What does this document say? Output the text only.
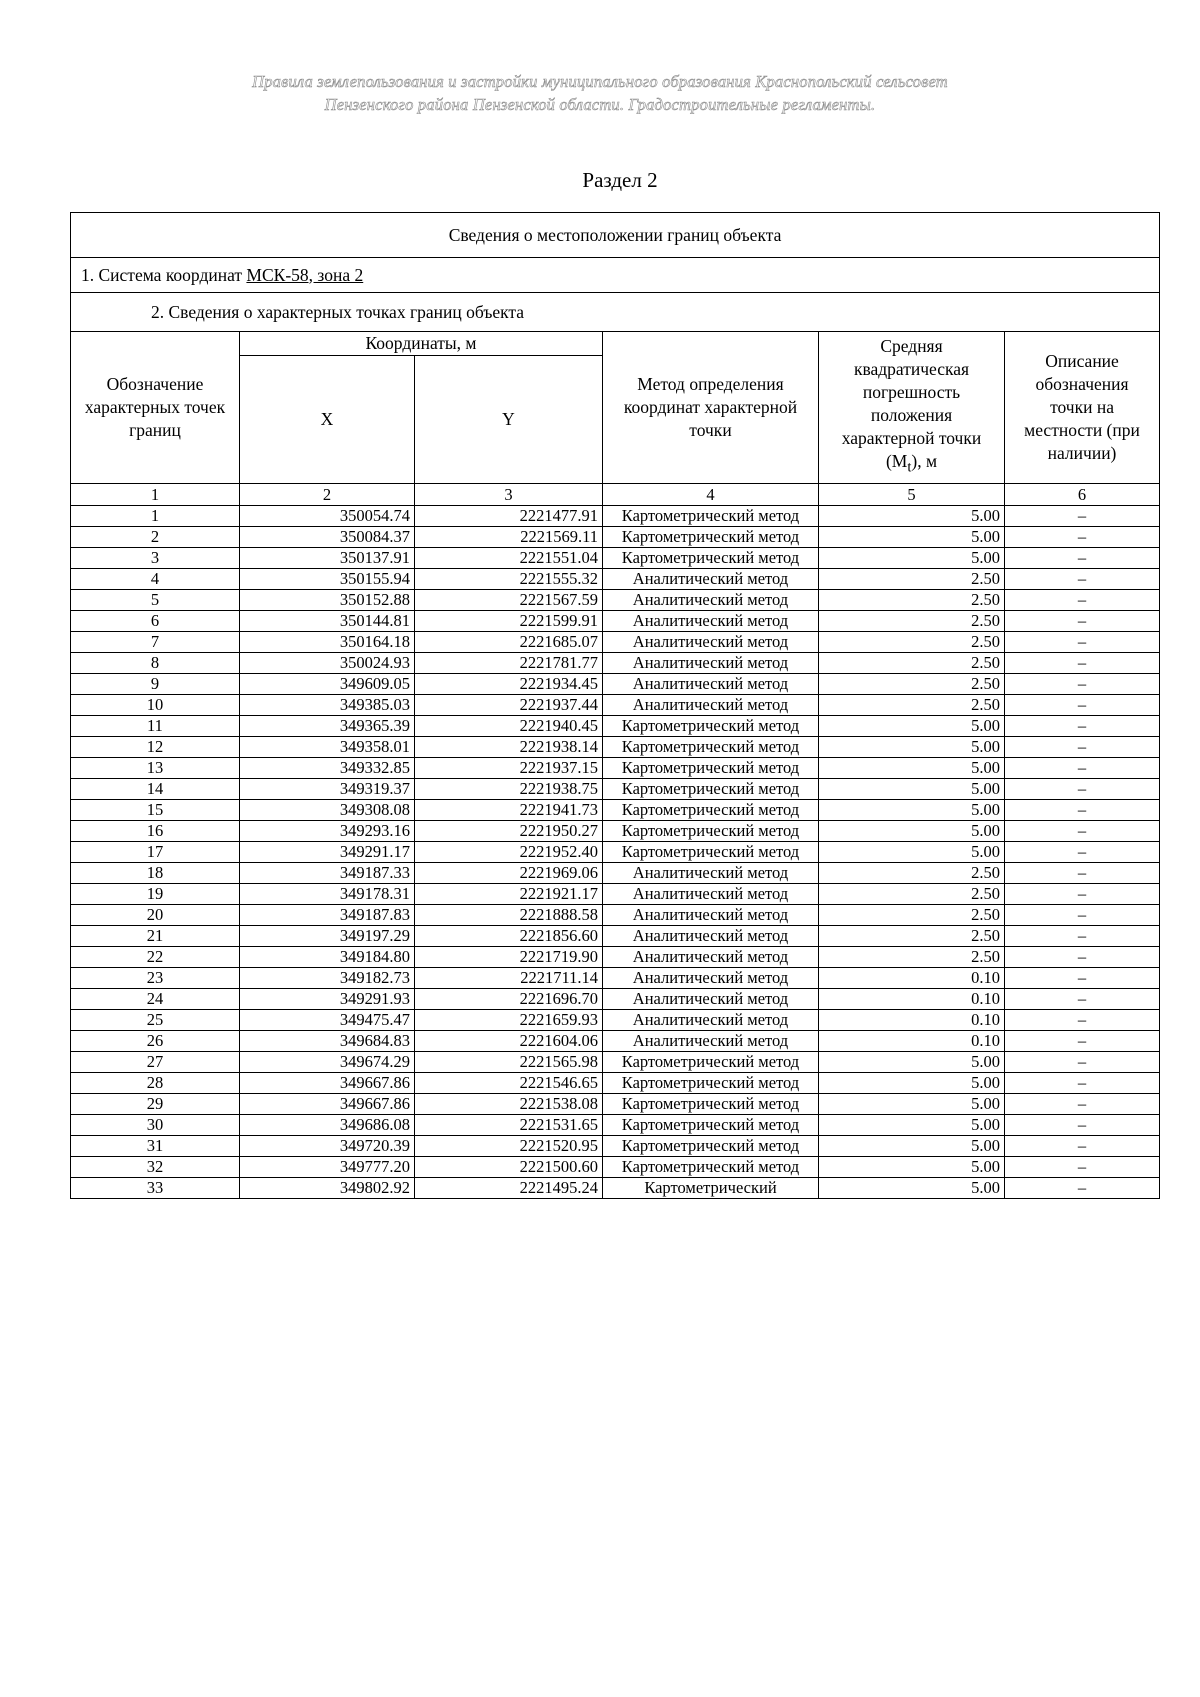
Правила землепользования и застройки муниципального образования Краснопольский сельсовет
Пензенского района Пензенской области. Градостроительные регламенты.
Раздел 2
Сведения о местоположении границ объекта					
1. Система координат МСК-58, зона 2					
2. Сведения о характерных точках границ объекта					
Обозначение характерных точек границ	Координаты, м		Метод определения координат характерной точки	Средняя квадратическая погрешность положения характерной точки $(M_t)$, м	Описание обозначения точки на местности (при наличии)
	X	Y			
1	2	3	4	5	6
1	350054.74	2221477.91	Картометрический метод	5.00	–
2	350084.37	2221569.11	Картометрический метод	5.00	–
3	350137.91	2221551.04	Картометрический метод	5.00	–
4	350155.94	2221555.32	Аналитический метод	2.50	–
5	350152.88	2221567.59	Аналитический метод	2.50	–
6	350144.81	2221599.91	Аналитический метод	2.50	–
7	350164.18	2221685.07	Аналитический метод	2.50	–
8	350024.93	2221781.77	Аналитический метод	2.50	–
9	349609.05	2221934.45	Аналитический метод	2.50	–
10	349385.03	2221937.44	Аналитический метод	2.50	–
11	349365.39	2221940.45	Картометрический метод	5.00	–
12	349358.01	2221938.14	Картометрический метод	5.00	–
13	349332.85	2221937.15	Картометрический метод	5.00	–
14	349319.37	2221938.75	Картометрический метод	5.00	–
15	349308.08	2221941.73	Картометрический метод	5.00	–
16	349293.16	2221950.27	Картометрический метод	5.00	–
17	349291.17	2221952.40	Картометрический метод	5.00	–
18	349187.33	2221969.06	Аналитический метод	2.50	–
19	349178.31	2221921.17	Аналитический метод	2.50	–
20	349187.83	2221888.58	Аналитический метод	2.50	–
21	349197.29	2221856.60	Аналитический метод	2.50	–
22	349184.80	2221719.90	Аналитический метод	2.50	–
23	349182.73	2221711.14	Аналитический метод	0.10	–
24	349291.93	2221696.70	Аналитический метод	0.10	–
25	349475.47	2221659.93	Аналитический метод	0.10	–
26	349684.83	2221604.06	Аналитический метод	0.10	–
27	349674.29	2221565.98	Картометрический метод	5.00	–
28	349667.86	2221546.65	Картометрический метод	5.00	–
29	349667.86	2221538.08	Картометрический метод	5.00	–
30	349686.08	2221531.65	Картометрический метод	5.00	–
31	349720.39	2221520.95	Картометрический метод	5.00	–
32	349777.20	2221500.60	Картометрический метод	5.00	–
33	349802.92	2221495.24	Картометрический	5.00	–
